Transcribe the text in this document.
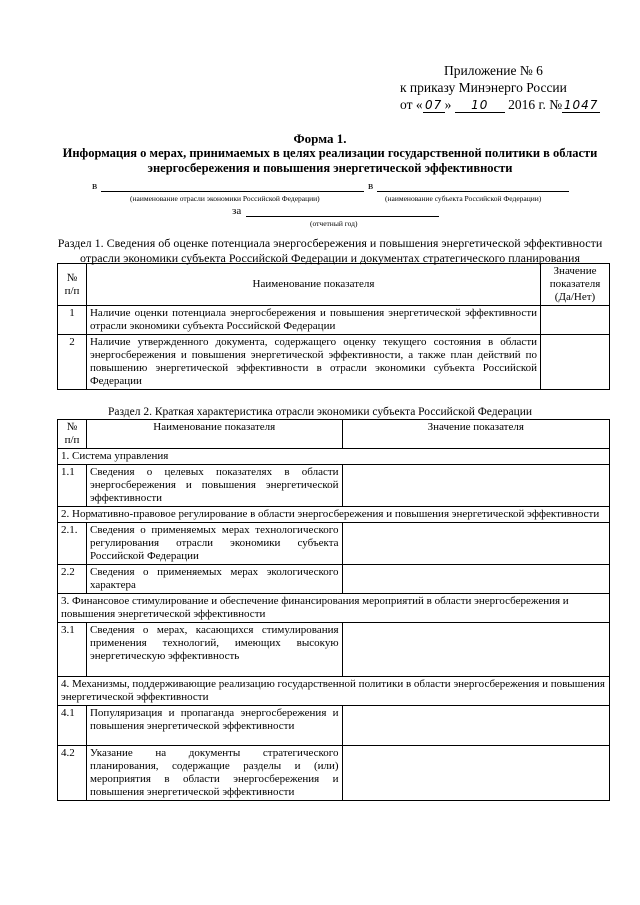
Приложение № 6
к приказу Минэнерго России
от « 07 » 10 2016 г. № 1047
Форма 1.
Информация о мерах, принимаемых в целях реализации государственной политики в области энергосбережения и повышения энергетической эффективности
в
(наименование отрасли экономики Российской Федерации)
в
(наименование субъекта Российской Федерации)
за
(отчетный год)
Раздел 1. Сведения об оценке потенциала энергосбережения и повышения энергетической эффективности отрасли экономики субъекта Российской Федерации и документах стратегического планирования
№ п/п	Наименование показателя	Значение показателя (Да/Нет)
1	Наличие оценки потенциала энергосбережения и повышения энергетической эффективности отрасли экономики субъекта Российской Федерации	
2	Наличие утвержденного документа, содержащего оценку текущего состояния в области энергосбережения и повышения энергетической эффективности, а также план действий по повышению энергетической эффективности в отрасли экономики субъекта Российской Федерации	
Раздел 2. Краткая характеристика отрасли экономики субъекта Российской Федерации
№ п/п	Наименование показателя	Значение показателя
1. Система управления		
1.1	Сведения о целевых показателях в области энергосбережения и повышения энергетической эффективности	
2. Нормативно-правовое регулирование в области энергосбережения и повышения энергетической эффективности		
2.1.	Сведения о применяемых мерах технологического регулирования отрасли экономики субъекта Российской Федерации	
2.2	Сведения о применяемых мерах экологического характера	
3. Финансовое стимулирование и обеспечение финансирования мероприятий в области энергосбережения и повышения энергетической эффективности		
3.1	Сведения о мерах, касающихся стимулирования применения технологий, имеющих высокую энергетическую эффективность	
4. Механизмы, поддерживающие реализацию государственной политики в области энергосбережения и повышения энергетической эффективности		
4.1	Популяризация и пропаганда энергосбережения и повышения энергетической эффективности	
4.2	Указание на документы стратегического планирования, содержащие разделы и (или) мероприятия в области энергосбережения и повышения энергетической эффективности	
